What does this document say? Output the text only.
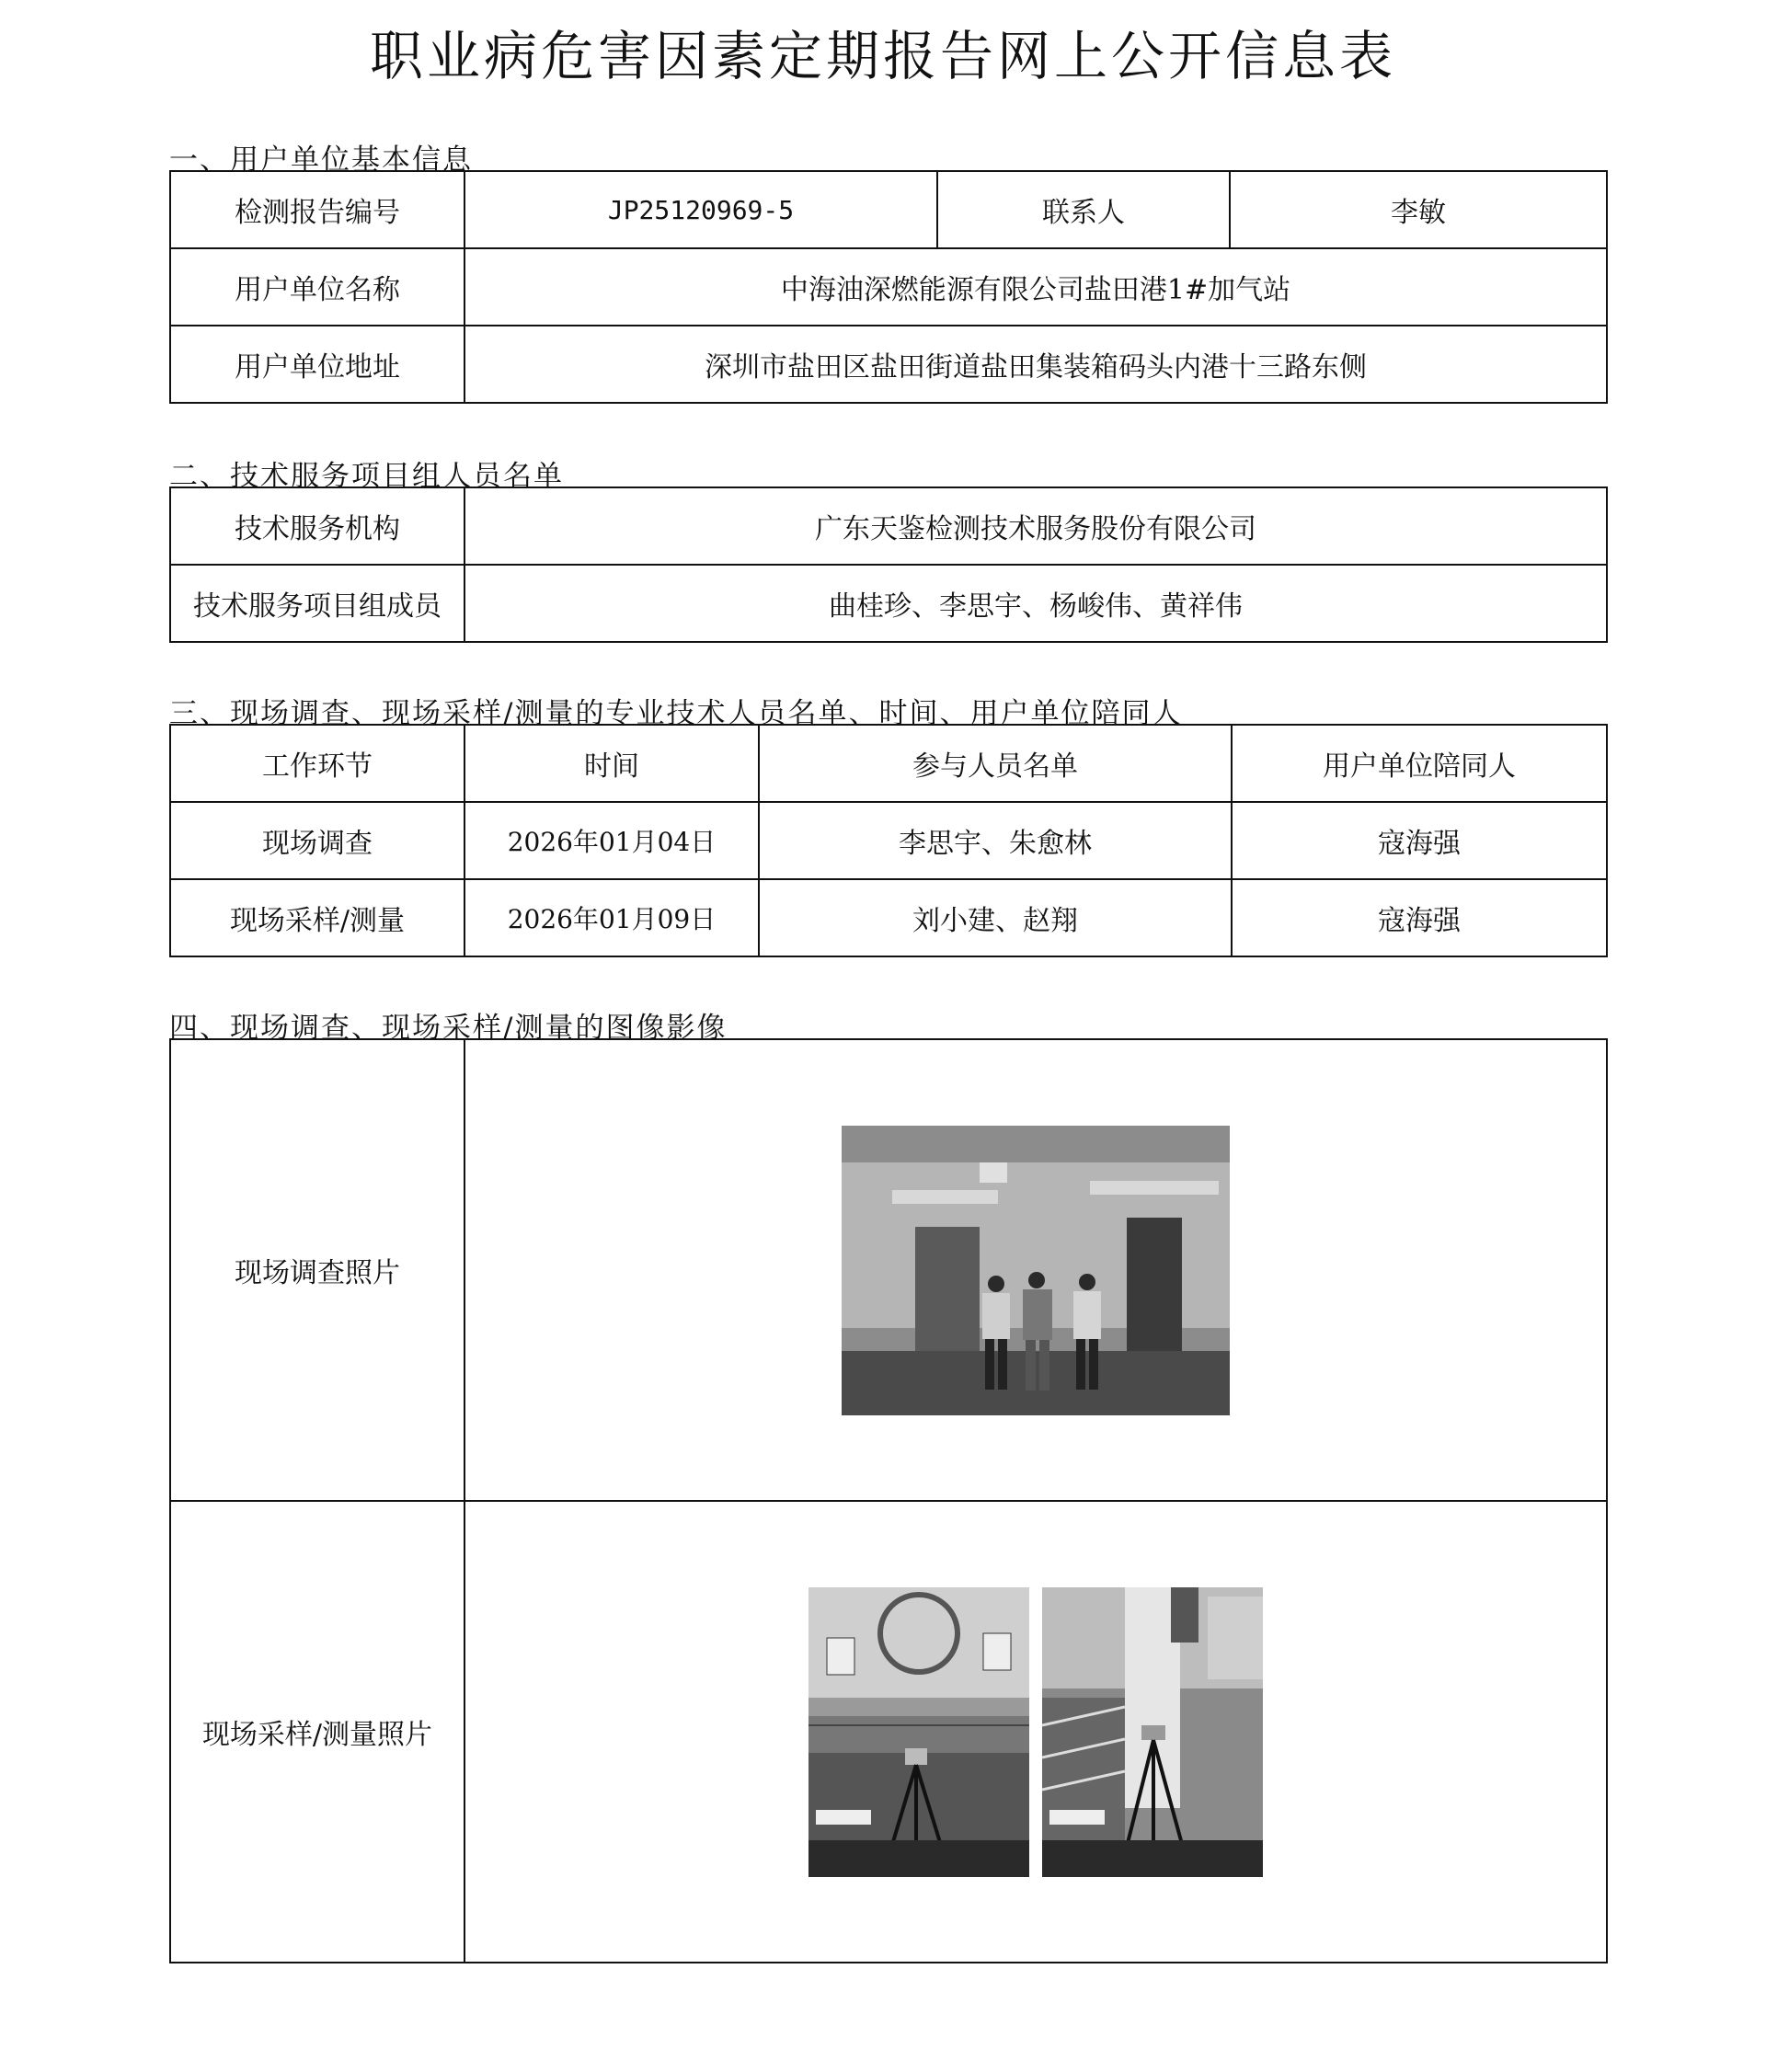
职业病危害因素定期报告网上公开信息表
一、用户单位基本信息
检测报告编号	JP25120969-5	联系人	李敏
用户单位名称	中海油深燃能源有限公司盐田港1#加气站		
用户单位地址	深圳市盐田区盐田街道盐田集装箱码头内港十三路东侧		
二、技术服务项目组人员名单
技术服务机构	广东天鉴检测技术服务股份有限公司
技术服务项目组成员	曲桂珍、李思宇、杨峻伟、黄祥伟
三、现场调查、现场采样/测量的专业技术人员名单、时间、用户单位陪同人
工作环节	时间	参与人员名单	用户单位陪同人
现场调查	2026年01月04日	李思宇、朱愈林	寇海强
现场采样/测量	2026年01月09日	刘小建、赵翔	寇海强
四、现场调查、现场采样/测量的图像影像
现场调查照片	
现场采样/测量照片	
